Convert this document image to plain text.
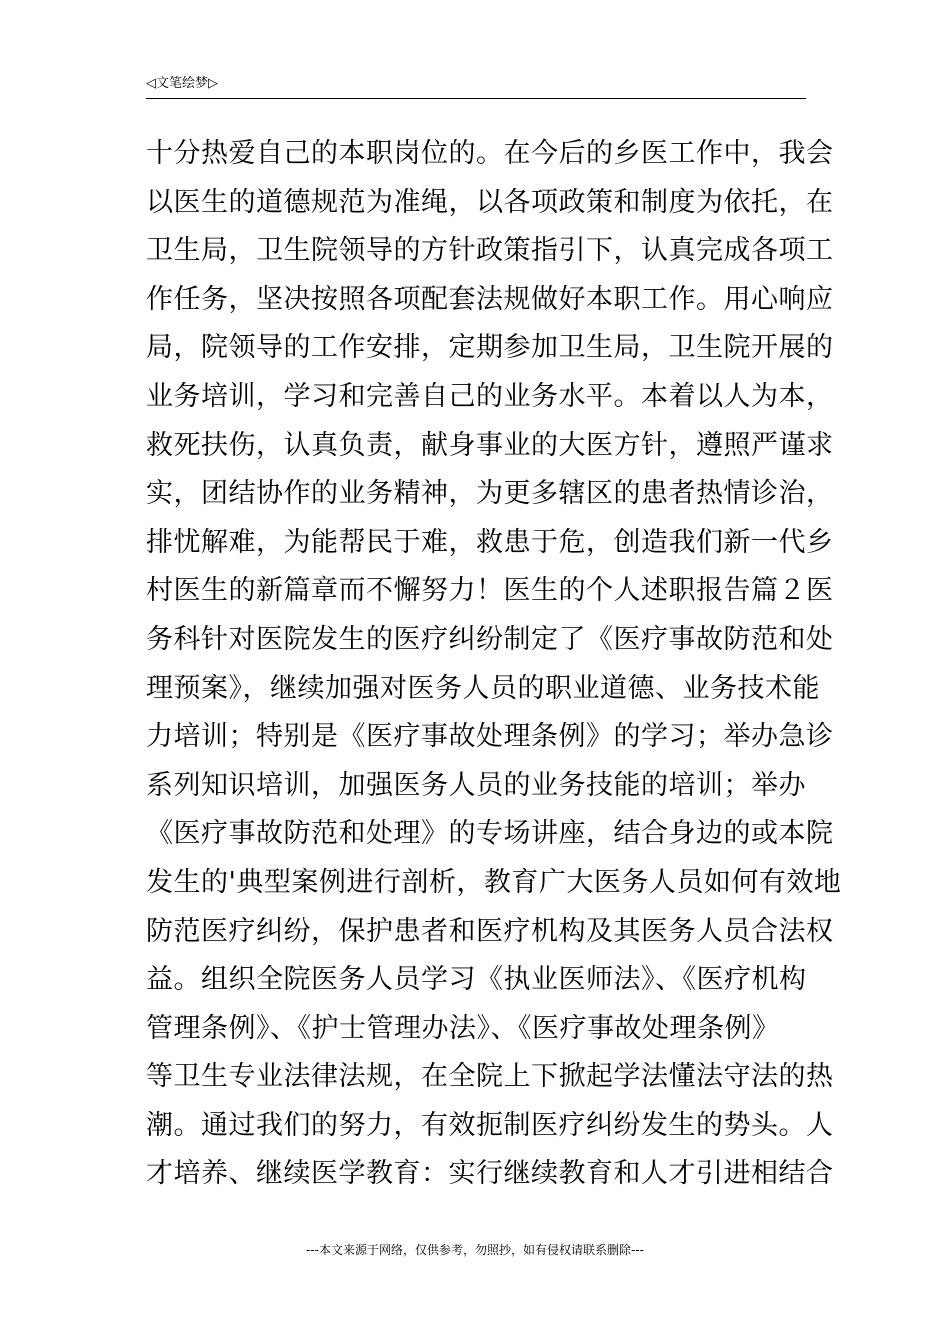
◁文笔绘梦▷
十分热爱自己的本职岗位的。在今后的乡医工作中，我会
以医生的道德规范为准绳，以各项政策和制度为依托，在
卫生局，卫生院领导的方针政策指引下，认真完成各项工
作任务，坚决按照各项配套法规做好本职工作。用心响应
局，院领导的工作安排，定期参加卫生局，卫生院开展的
业务培训，学习和完善自己的业务水平。本着以人为本，
救死扶伤，认真负责，献身事业的大医方针，遵照严谨求
实，团结协作的业务精神，为更多辖区的患者热情诊治，
排忧解难，为能帮民于难，救患于危，创造我们新一代乡
村医生的新篇章而不懈努力！医生的个人述职报告篇２医
务科针对医院发生的医疗纠纷制定了《医疗事故防范和处
理预案》，继续加强对医务人员的职业道德、业务技术能
力培训；特别是《医疗事故处理条例》的学习；举办急诊
系列知识培训，加强医务人员的业务技能的培训；举办
《医疗事故防范和处理》的专场讲座，结合身边的或本院
发生的'典型案例进行剖析，教育广大医务人员如何有效地
防范医疗纠纷，保护患者和医疗机构及其医务人员合法权
益。组织全院医务人员学习《执业医师法》、《医疗机构
管理条例》、《护士管理办法》、《医疗事故处理条例》
等卫生专业法律法规，在全院上下掀起学法懂法守法的热
潮。通过我们的努力，有效扼制医疗纠纷发生的势头。人
才培养、继续医学教育：实行继续教育和人才引进相结合
---本文来源于网络，仅供参考，勿照抄，如有侵权请联系删除---
